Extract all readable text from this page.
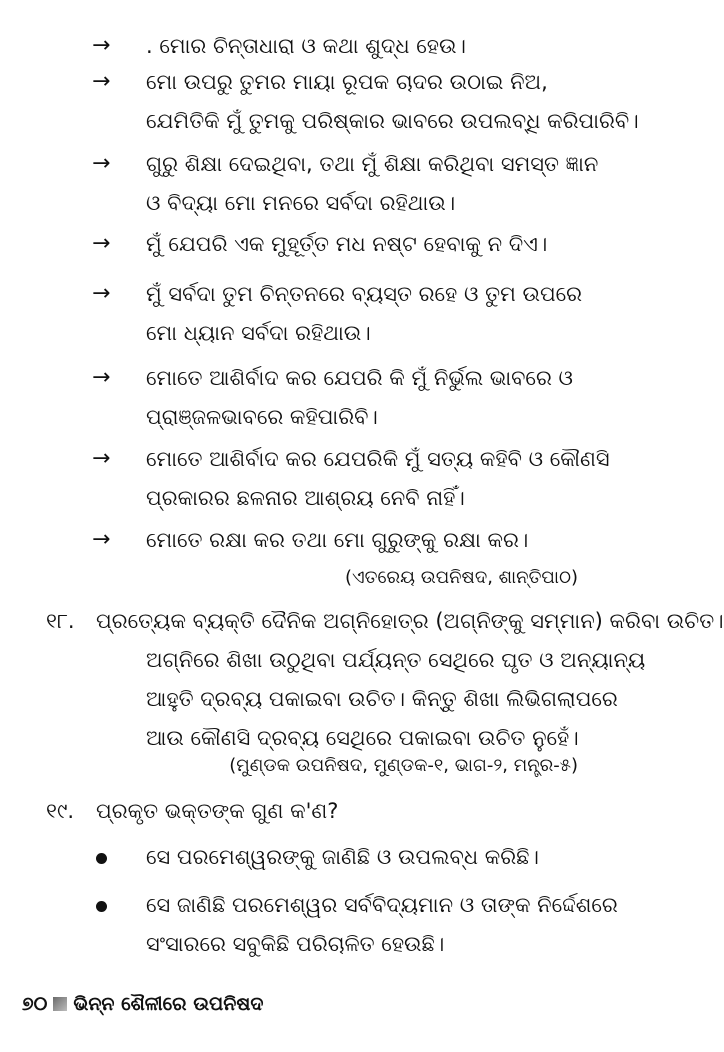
→ . ମୋର ଚିନ୍ତାଧାରା ଓ କଥା ଶୁଦ୍ଧ ହେଉ।
→ ମୋ ଉପରୁ ତୁମର ମାୟା ରୂପକ ଚାଦର ଉଠାଇ ନିଅ,
ଯେମିତିକି ମୁଁ ତୁମକୁ ପରିଷ୍କାର ଭାବରେ ଉପଲବ୍ଧି କରିପାରିବି।
→ ଗୁରୁ ଶିକ୍ଷା ଦେଇଥିବା, ତଥା ମୁଁ ଶିକ୍ଷା କରିଥିବା ସମସ୍ତ ଜ୍ଞାନ
ଓ ବିଦ୍ୟା ମୋ ମନରେ ସର୍ବଦା ରହିଥାଉ।
→ ମୁଁ ଯେପରି ଏକ ମୁହୂର୍ତ୍ତ ମଧ ନଷ୍ଟ ହେବାକୁ ନ ଦିଏ।
→ ମୁଁ ସର୍ବଦା ତୁମ ଚିନ୍ତନରେ ବ୍ୟସ୍ତ ରହେ ଓ ତୁମ ଉପରେ
ମୋ ଧ୍ୟାନ ସର୍ବଦା ରହିଥାଉ।
→ ମୋତେ ଆଶିର୍ବାଦ କର ଯେପରି କି ମୁଁ ନିର୍ଭୁଲ ଭାବରେ ଓ
ପ୍ରାଞ୍ଜଳଭାବରେ କହିପାରିବି।
→ ମୋତେ ଆଶିର୍ବାଦ କର ଯେପରିକି ମୁଁ ସତ୍ୟ କହିବି ଓ କୌଣସି
ପ୍ରକାରର ଛଳନାର ଆଶ୍ରୟ ନେବି ନାହିଁ।
→ ମୋତେ ରକ୍ଷା କର ତଥା ମୋ ଗୁରୁଙ୍କୁ ରକ୍ଷା କର।
(ଏତରେୟ ଉପନିଷଦ, ଶାନ୍ତିପାଠ)
୧୮. ପ୍ରତ୍ୟେକ ବ୍ୟକ୍ତି ଦୈନିକ ଅଗ୍ନିହୋତ୍ର (ଅଗ୍ନିଙ୍କୁ ସମ୍ମାନ) କରିବା ଉଚିତ।
ଅଗ୍ନିରେ ଶିଖା ଉଠୁଥିବା ପର୍ଯ୍ୟନ୍ତ ସେଥିରେ ଘୃତ ଓ ଅନ୍ୟାନ୍ୟ
ଆହୁତି ଦ୍ରବ୍ୟ ପକାଇବା ଉଚିତ। କିନ୍ତୁ ଶିଖା ଲିଭିଗଲାପରେ
ଆଉ କୌଣସି ଦ୍ରବ୍ୟ ସେଥିରେ ପକାଇବା ଉଚିତ ନୁହେଁ।
(ମୁଣ୍ଡକ ଉପନିଷଦ, ମୁଣ୍ଡକ-୧, ଭାଗ-୨, ମନ୍ତ୍ର-୫)
୧୯. ପ୍ରକୃତ ଭକ୍ତଙ୍କ ଗୁଣ କ'ଣ?
ସେ ପରମେଶ୍ୱରଙ୍କୁ ଜାଣିଛି ଓ ଉପଲବ୍ଧ କରିଛି।
ସେ ଜାଣିଛି ପରମେଶ୍ୱର ସର୍ବବିଦ୍ୟମାନ ଓ ତାଙ୍କ ନିର୍ଦ୍ଦେଶରେ
ସଂସାରରେ ସବୁକିଛି ପରିଚାଳିତ ହେଉଛି।
୭୦ ଭିନ୍ନ ଶୈଳୀରେ ଉପନିଷଦ
